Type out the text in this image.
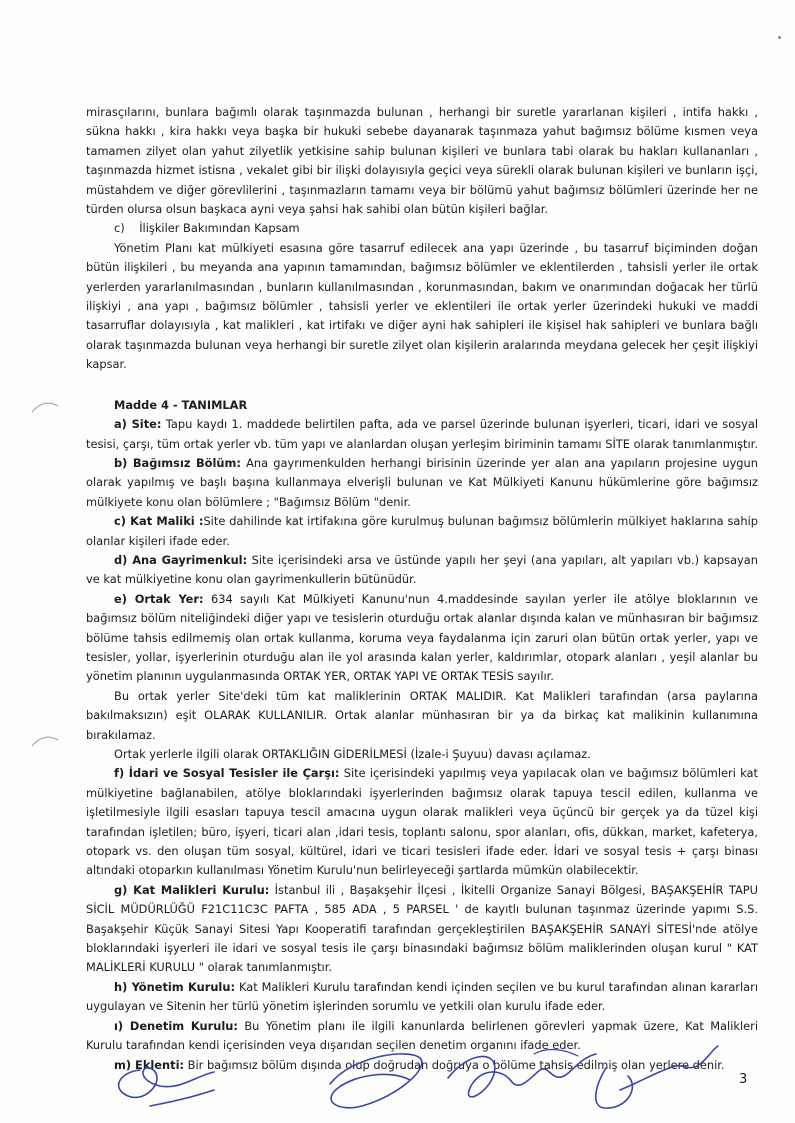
mirasçılarını, bunlara bağımlı olarak taşınmazda bulunan , herhangi bir suretle yararlanan kişileri , intifa hakkı , sükna hakkı , kira hakkı veya başka bir hukuki sebebe dayanarak taşınmaza yahut bağımsız bölüme kısmen veya tamamen zilyet olan yahut zilyetlik yetkisine sahip bulunan kişileri ve bunlara tabi olarak bu hakları kullananları , taşınmazda hizmet istisna , vekalet gibi bir ilişki dolayısıyla geçici veya sürekli olarak bulunan kişileri ve bunların işçi, müstahdem ve diğer görevlilerini , taşınmazların tamamı veya bir bölümü yahut bağımsız bölümleri üzerinde her ne türden olursa olsun başkaca ayni veya şahsi hak sahibi olan bütün kişileri bağlar.

c)    İlişkiler Bakımından Kapsam

Yönetim Planı kat mülkiyeti esasına göre tasarruf edilecek ana yapı üzerinde , bu tasarruf biçiminden doğan bütün ilişkileri , bu meyanda ana yapının tamamından, bağımsız bölümler ve eklentilerden , tahsisli yerler ile ortak yerlerden yararlanılmasından , bunların kullanılmasından , korunmasından, bakım ve onarımından doğacak her türlü ilişkiyi , ana yapı , bağımsız bölümler , tahsisli yerler ve eklentileri ile ortak yerler üzerindeki hukuki ve maddi tasarruflar dolayısıyla , kat malikleri , kat irtifakı ve diğer ayni hak sahipleri ile kişisel hak sahipleri ve bunlara bağlı olarak taşınmazda bulunan veya herhangi bir suretle zilyet olan kişilerin aralarında meydana gelecek her çeşit ilişkiyi kapsar.

Madde 4 - TANIMLAR

a) Site: Tapu kaydı 1. maddede belirtilen pafta, ada ve parsel üzerinde bulunan işyerleri, ticari, idari ve sosyal tesisi, çarşı, tüm ortak yerler vb. tüm yapı ve alanlardan oluşan yerleşim biriminin tamamı SİTE olarak tanımlanmıştır.

b) Bağımsız Bölüm: Ana gayrımenkulden herhangi birisinin üzerinde yer alan ana yapıların projesine uygun olarak yapılmış ve başlı başına kullanmaya elverişli bulunan ve Kat Mülkiyeti Kanunu hükümlerine göre bağımsız mülkiyete konu olan bölümlere ; "Bağımsız Bölüm "denir.

c) Kat Maliki :Site dahilinde kat irtifakına göre kurulmuş bulunan bağımsız bölümlerin mülkiyet haklarına sahip olanlar kişileri ifade eder.

d) Ana Gayrimenkul: Site içerisindeki arsa ve üstünde yapılı her şeyi (ana yapıları, alt yapıları vb.) kapsayan ve kat mülkiyetine konu olan gayrimenkullerin bütünüdür.

e) Ortak Yer: 634 sayılı Kat Mülkiyeti Kanunu'nun 4.maddesinde sayılan yerler ile atölye bloklarının ve bağımsız bölüm niteliğindeki diğer yapı ve tesislerin oturduğu ortak alanlar dışında kalan ve münhasıran bir bağımsız bölüme tahsis edilmemiş olan ortak kullanma, koruma veya faydalanma için zaruri olan bütün ortak yerler, yapı ve tesisler, yollar, işyerlerinin oturduğu alan ile yol arasında kalan yerler, kaldırımlar, otopark alanları , yeşil alanlar bu yönetim planının uygulanmasında ORTAK YER, ORTAK YAPI VE ORTAK TESİS sayılır.

Bu ortak yerler Site'deki tüm kat maliklerinin ORTAK MALIDIR. Kat Malikleri tarafından (arsa paylarına bakılmaksızın) eşit OLARAK KULLANILIR. Ortak alanlar münhasıran bir ya da birkaç kat malikinin kullanımına bırakılamaz.

Ortak yerlerle ilgili olarak ORTAKLIĞIN GİDERİLMESİ (İzale-i Şuyuu) davası açılamaz.

f) İdari ve Sosyal Tesisler ile Çarşı: Site içerisindeki yapılmış veya yapılacak olan ve bağımsız bölümleri kat mülkiyetine bağlanabilen, atölye bloklarındaki işyerlerinden bağımsız olarak tapuya tescil edilen, kullanma ve işletilmesiyle ilgili esasları tapuya tescil amacına uygun olarak malikleri veya üçüncü bir gerçek ya da tüzel kişi tarafından işletilen; büro, işyeri, ticari alan ,idari tesis, toplantı salonu, spor alanları, ofis, dükkan, market, kafeterya, otopark vs. den oluşan tüm sosyal, kültürel, idari ve ticari tesisleri ifade eder. İdari ve sosyal tesis + çarşı binası altındaki otoparkın kullanılması Yönetim Kurulu'nun belirleyeceği şartlarda mümkün olabilecektir.

g) Kat Malikleri Kurulu: İstanbul ili , Başakşehir İlçesi , İkitelli Organize Sanayi Bölgesi, BAŞAKŞEHİR TAPU SİCİL MÜDÜRLÜĞÜ F21C11C3C PAFTA , 585 ADA , 5 PARSEL ' de kayıtlı bulunan taşınmaz üzerinde yapımı S.S. Başakşehir Küçük Sanayi Sitesi Yapı Kooperatifi tarafından gerçekleştirilen BAŞAKŞEHİR SANAYİ SİTESİ'nde atölye bloklarındaki işyerleri ile idari ve sosyal tesis ile çarşı binasındaki bağımsız bölüm maliklerinden oluşan kurul " KAT MALİKLERİ KURULU " olarak tanımlanmıştır.

h) Yönetim Kurulu: Kat Malikleri Kurulu tarafından kendi içinden seçilen ve bu kurul tarafından alınan kararları uygulayan ve Sitenin her türlü yönetim işlerinden sorumlu ve yetkili olan kurulu ifade eder.

ı) Denetim Kurulu: Bu Yönetim planı ile ilgili kanunlarda belirlenen görevleri yapmak üzere, Kat Malikleri Kurulu tarafından kendi içerisinden veya dışarıdan seçilen denetim organını ifade eder.

m) Eklenti: Bir bağımsız bölüm dışında olup doğrudan doğruya o bölüme tahsis edilmiş olan yerlere denir.

3
